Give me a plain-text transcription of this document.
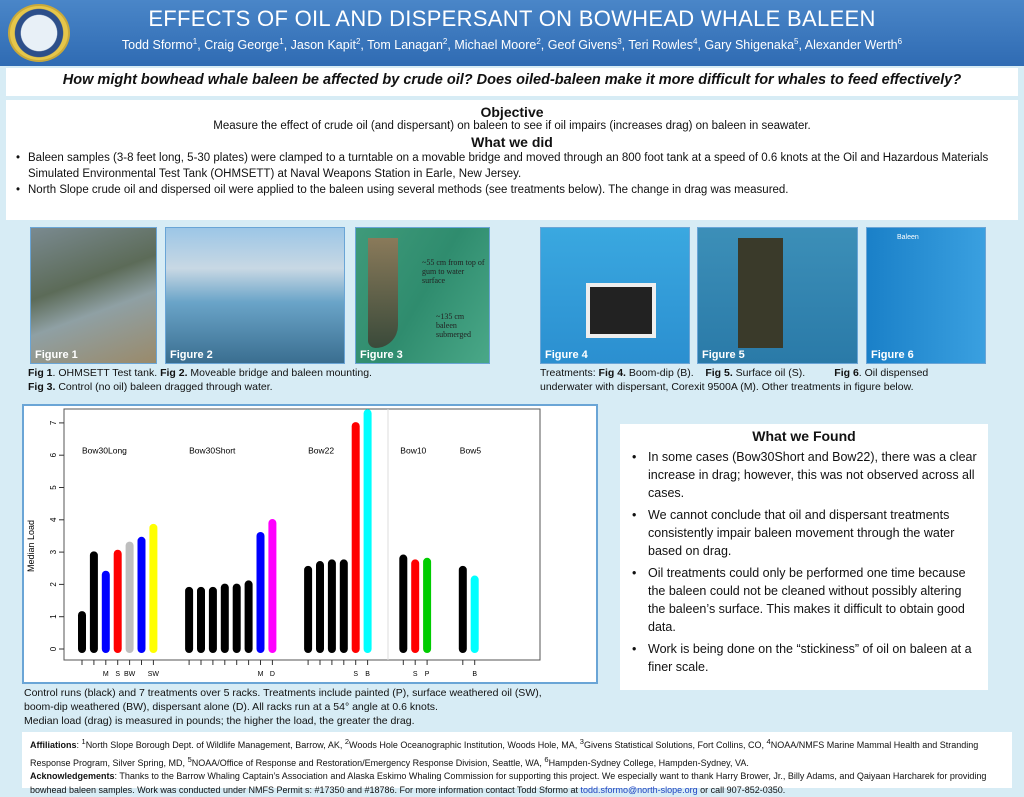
EFFECTS OF OIL AND DISPERSANT ON BOWHEAD WHALE BALEEN
Todd Sformo$^1$, Craig George$^1$, Jason Kapit$^2$, Tom Lanagan$^2$, Michael Moore$^2$, Geof Givens$^3$, Teri Rowles$^4$, Gary Shigenaka$^5$, Alexander Werth$^6$
How might bowhead whale baleen be affected by crude oil? Does oiled-baleen make it more difficult for whales to feed effectively?
Objective
Measure the effect of crude oil (and dispersant) on baleen to see if oil impairs (increases drag) on baleen in seawater.
What we did
• Baleen samples (3-8 feet long, 5-30 plates) were clamped to a turntable on a movable bridge and moved through an 800 foot tank at a speed of 0.6 knots at the Oil and Hazardous Materials Simulated Environmental Test Tank (OHMSETT) at Naval Weapons Station in Earle, New Jersey.
• North Slope crude oil and dispersed oil were applied to the baleen using several methods (see treatments below). The change in drag was measured.
Figure 1	Figure 2
~55 cm from top of gum to water surface
~135 cm baleen submerged
Figure 3	Figure 4	Figure 5
Baleen
Figure 6
Fig 1. OHMSETT Test tank. Fig 2. Moveable bridge and baleen mounting.
Fig 3. Control (no oil) baleen dragged through water.
Treatments: Fig 4. Boom-dip (B).    Fig 5. Surface oil (S).          Fig 6. Oil dispensed underwater with dispersant, Corexit 9500A (M). Other treatments in figure below.
0
1
2
3
4
5
6
7
Median Load
Bow30Long
M S BW SW
Bow30Short
M D
Bow22
S B
Bow10
S P
Bow5
B
Control runs (black) and 7 treatments over 5 racks. Treatments include painted (P), surface weathered oil (SW),
boom-dip weathered (BW), dispersant alone (D). All racks run at a 54° angle at 0.6 knots.
Median load (drag) is measured in pounds; the higher the load, the greater the drag.
What we Found
• In some cases (Bow30Short and Bow22), there was a clear increase in drag; however, this was not observed across all cases.
• We cannot conclude that oil and dispersant treatments consistently impair baleen movement through the water based on drag.
• Oil treatments could only be performed one time because the baleen could not be cleaned without possibly altering the baleen’s surface. This makes it difficult to obtain good data.
• Work is being done on the “stickiness” of oil on baleen at a finer scale.
Affiliations: $^1$North Slope Borough Dept. of Wildlife Management, Barrow, AK, $^2$Woods Hole Oceanographic Institution, Woods Hole, MA, $^3$Givens Statistical Solutions, Fort Collins, CO, $^4$NOAA/NMFS Marine Mammal Health and Stranding Response Program, Silver Spring, MD, $^5$NOAA/Office of Response and Restoration/Emergency Response Division, Seattle, WA, $^6$Hampden-Sydney College, Hampden-Sydney, VA.
Acknowledgements: Thanks to the Barrow Whaling Captain’s Association and Alaska Eskimo Whaling Commission for supporting this project. We especially want to thank Harry Brower, Jr., Billy Adams, and Qaiyaan Harcharek for providing bowhead baleen samples. Work was conducted under NMFS Permit s: #17350 and #18786. For more information contact Todd Sformo at todd.sformo@north-slope.org or call 907-852-0350.
